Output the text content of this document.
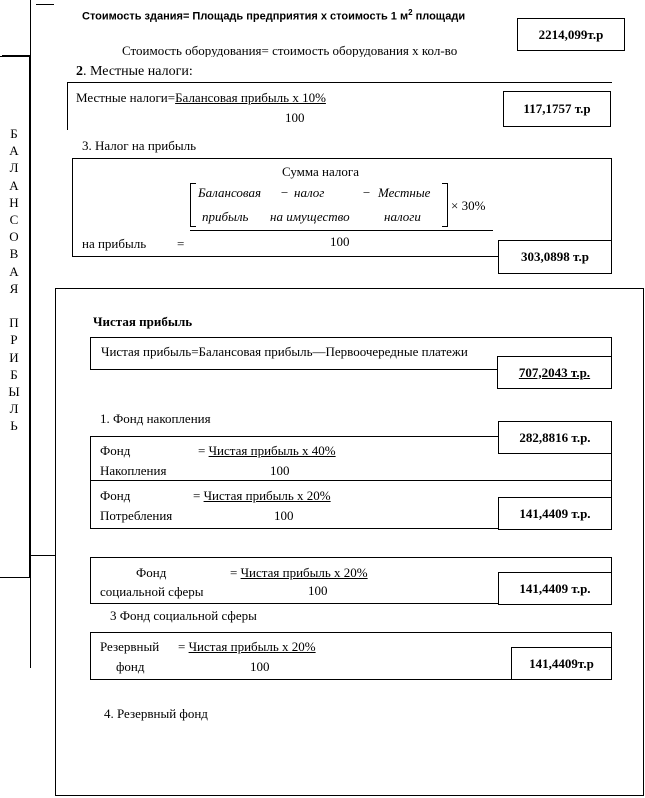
Стоимость здания= Площадь предприятия x стоимость 1 $м^2$ площади
Стоимость оборудования= стоимость оборудования x кол-во
2214,099т.р
Б
А
Л
А
Н
С
О
В
А
Я
П
Р
И
Б
Ы
Л
Ь
2. Местные налоги:
Местные налоги=Балансовая прибыль x 10%
100
117,1757 т.р
3. Налог на прибыль
Сумма налога
Балансовая
прибыль
− налог
на имущество
− Местные
налоги
× 30%
на прибыль =	100
303,0898 т.р
Чистая прибыль
Чистая прибыль=Балансовая прибыль—Первоочередные платежи
707,2043 т.р.
1. Фонд накопления
Фонд
Накопления
= Чистая прибыль x 40%
100
282,8816 т.р.
Фонд
Потребления
= Чистая прибыль x 20%
100	141,4409 т.р.
Фонд
социальной сферы
= Чистая прибыль x 20%
100	141,4409 т.р.
3 Фонд социальной сферы
Резервный = Чистая прибыль x 20%
фонд	100	141,4409т.р
4. Резервный фонд
